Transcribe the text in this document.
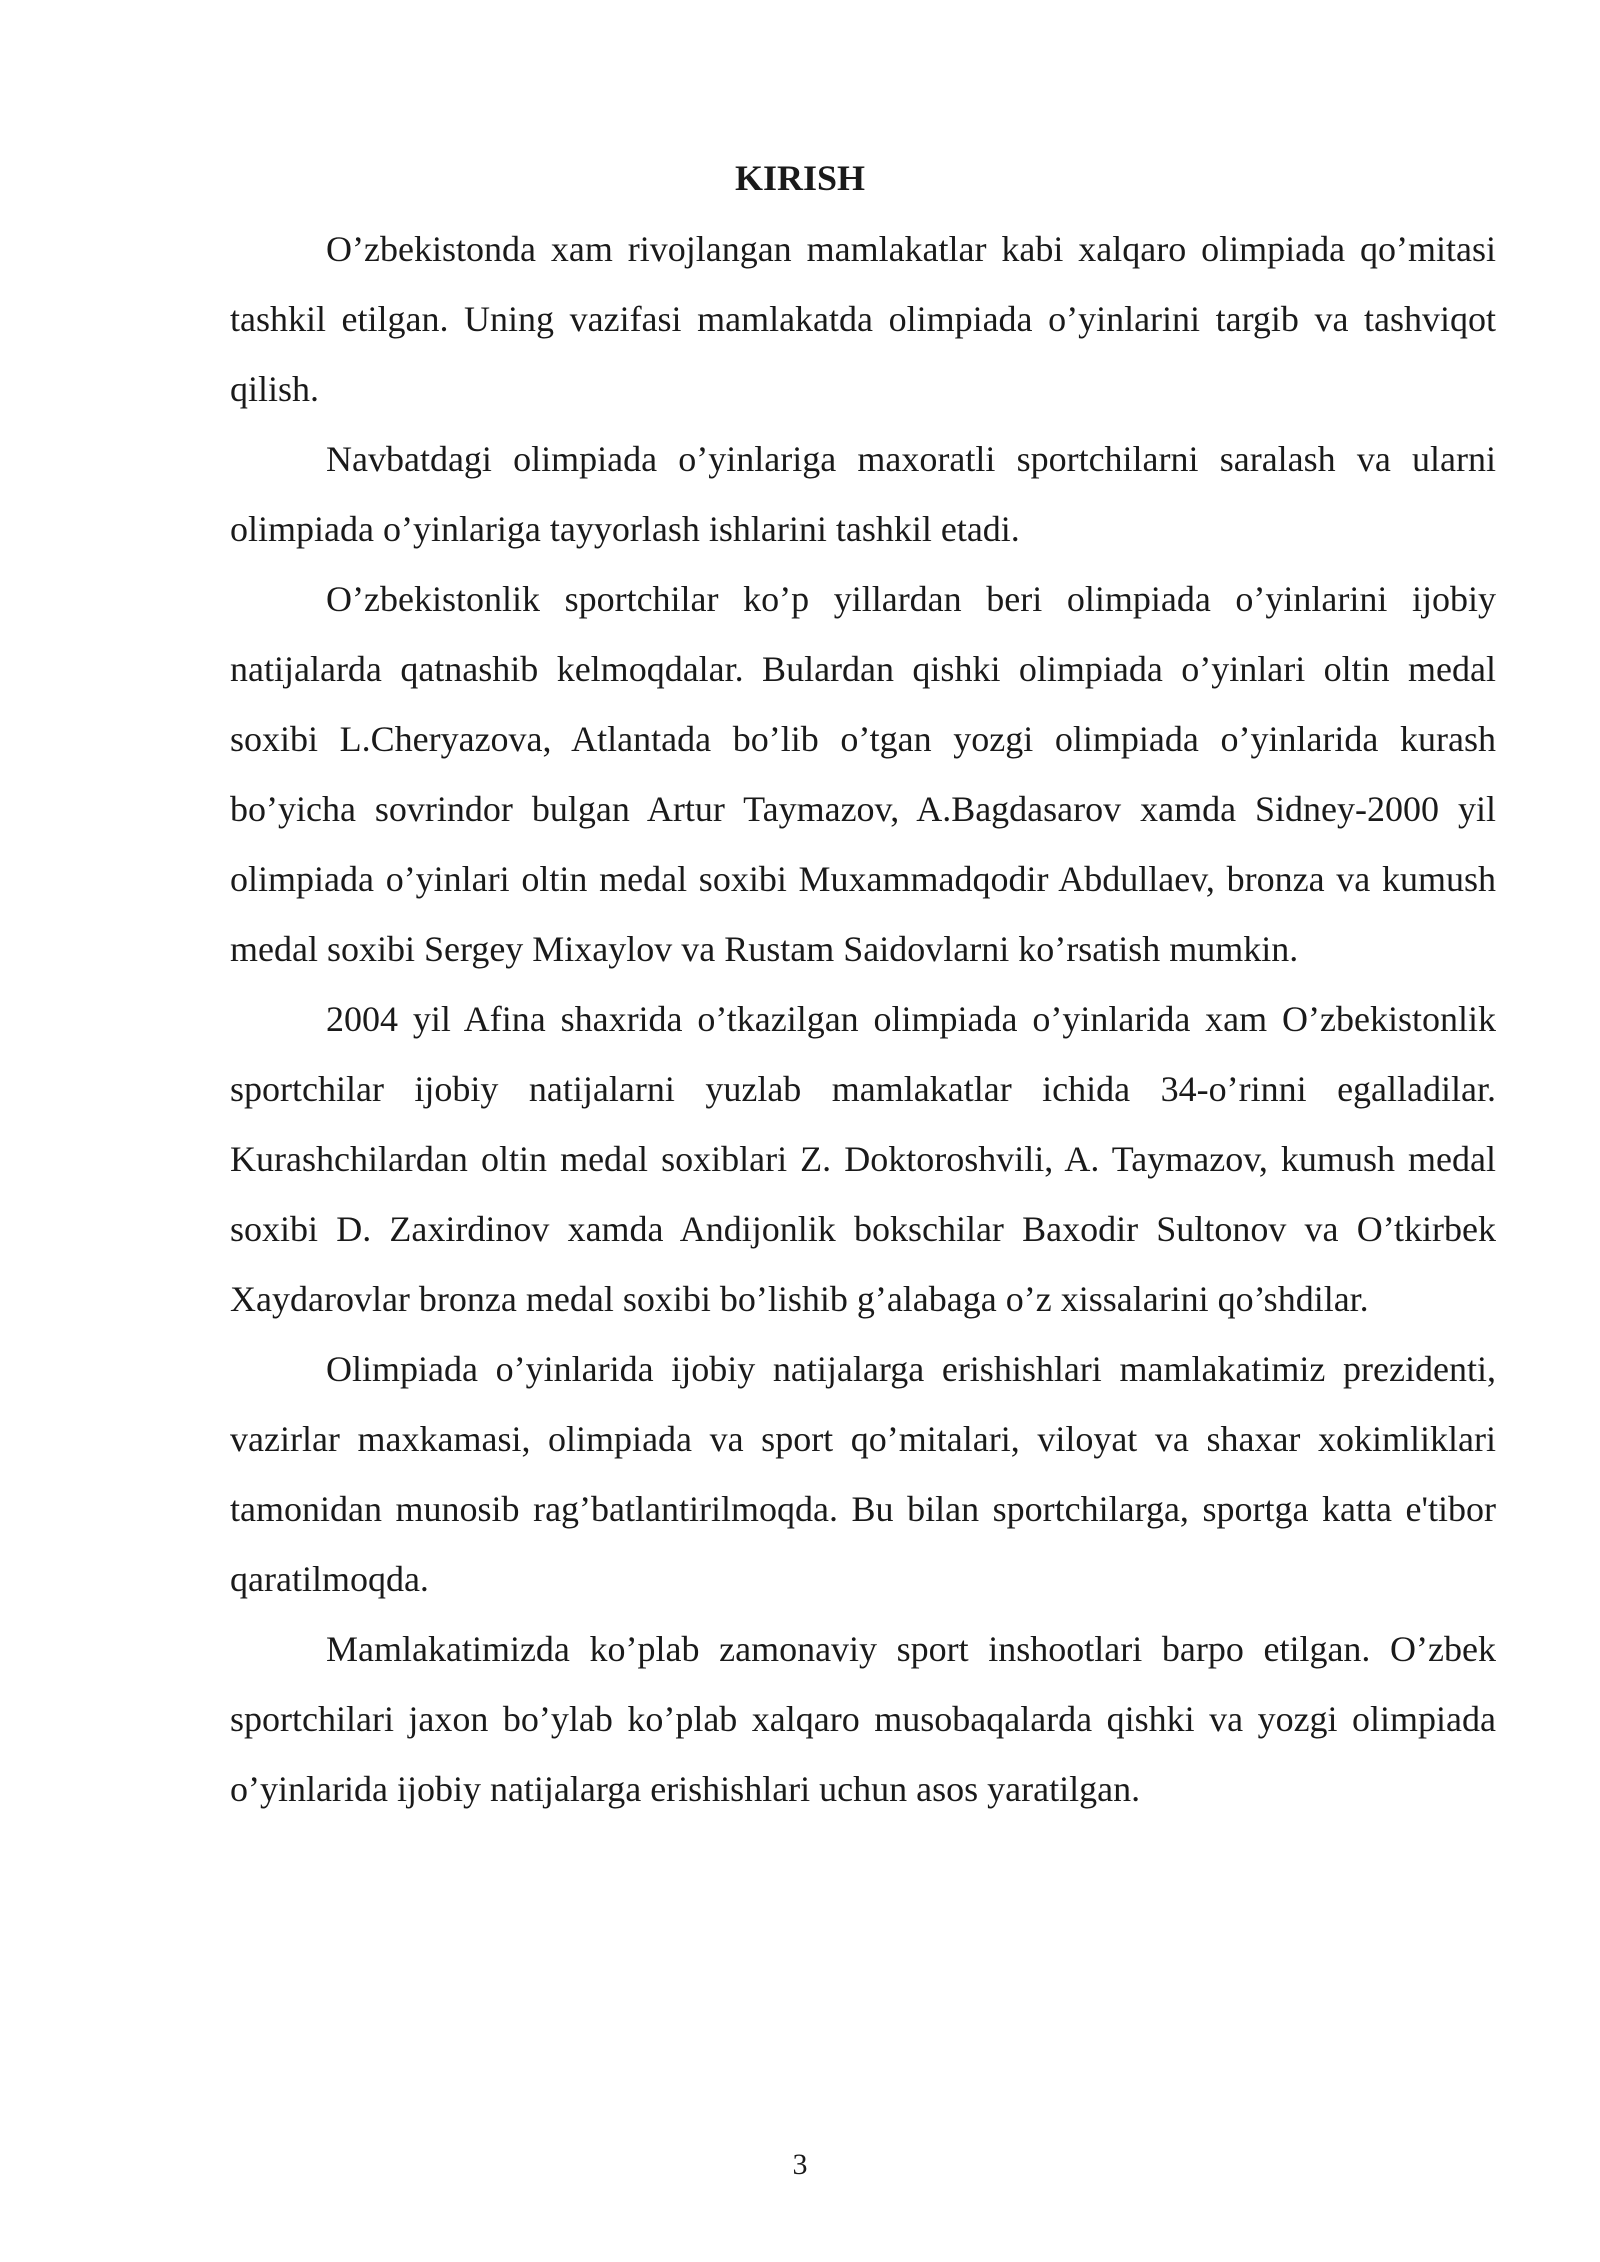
KIRISH

O’zbekistonda xam rivojlangan mamlakatlar kabi xalqaro olimpiada qo’mitasi tashkil etilgan. Uning vazifasi mamlakatda olimpiada o’yinlarini targib va tashviqot qilish.

Navbatdagi olimpiada o’yinlariga maxoratli sportchilarni saralash va ularni olimpiada o’yinlariga tayyorlash ishlarini tashkil etadi.

O’zbekistonlik sportchilar ko’p yillardan beri olimpiada o’yinlarini ijobiy natijalarda qatnashib kelmoqdalar. Bulardan qishki olimpiada o’yinlari oltin medal soxibi L.Cheryazova, Atlantada bo’lib o’tgan yozgi olimpiada o’yinlarida kurash bo’yicha sovrindor bulgan Artur Taymazov, A.Bagdasarov xamda Sidney-2000 yil olimpiada o’yinlari oltin medal soxibi Muxammadqodir Abdullaev, bronza va kumush medal soxibi Sergey Mixaylov va Rustam Saidovlarni ko’rsatish mumkin.

2004 yil Afina shaxrida o’tkazilgan olimpiada o’yinlarida xam O’zbekistonlik sportchilar ijobiy natijalarni yuzlab mamlakatlar ichida 34-o’rinni egalladilar. Kurashchilardan oltin medal soxiblari Z. Doktoroshvili, A. Taymazov, kumush medal soxibi D. Zaxirdinov xamda Andijonlik bokschilar Baxodir Sultonov va O’tkirbek Xaydarovlar bronza medal soxibi bo’lishib g’alabaga o’z xissalarini qo’shdilar.

Olimpiada o’yinlarida ijobiy natijalarga erishishlari mamlakatimiz prezidenti, vazirlar maxkamasi, olimpiada va sport qo’mitalari, viloyat va shaxar xokimliklari tamonidan munosib rag’batlantirilmoqda. Bu bilan sportchilarga, sportga katta e'tibor qaratilmoqda.

Mamlakatimizda ko’plab zamonaviy sport inshootlari barpo etilgan. O’zbek sportchilari jaxon bo’ylab ko’plab xalqaro musobaqalarda qishki va yozgi olimpiada o’yinlarida ijobiy natijalarga erishishlari uchun asos yaratilgan.

3
